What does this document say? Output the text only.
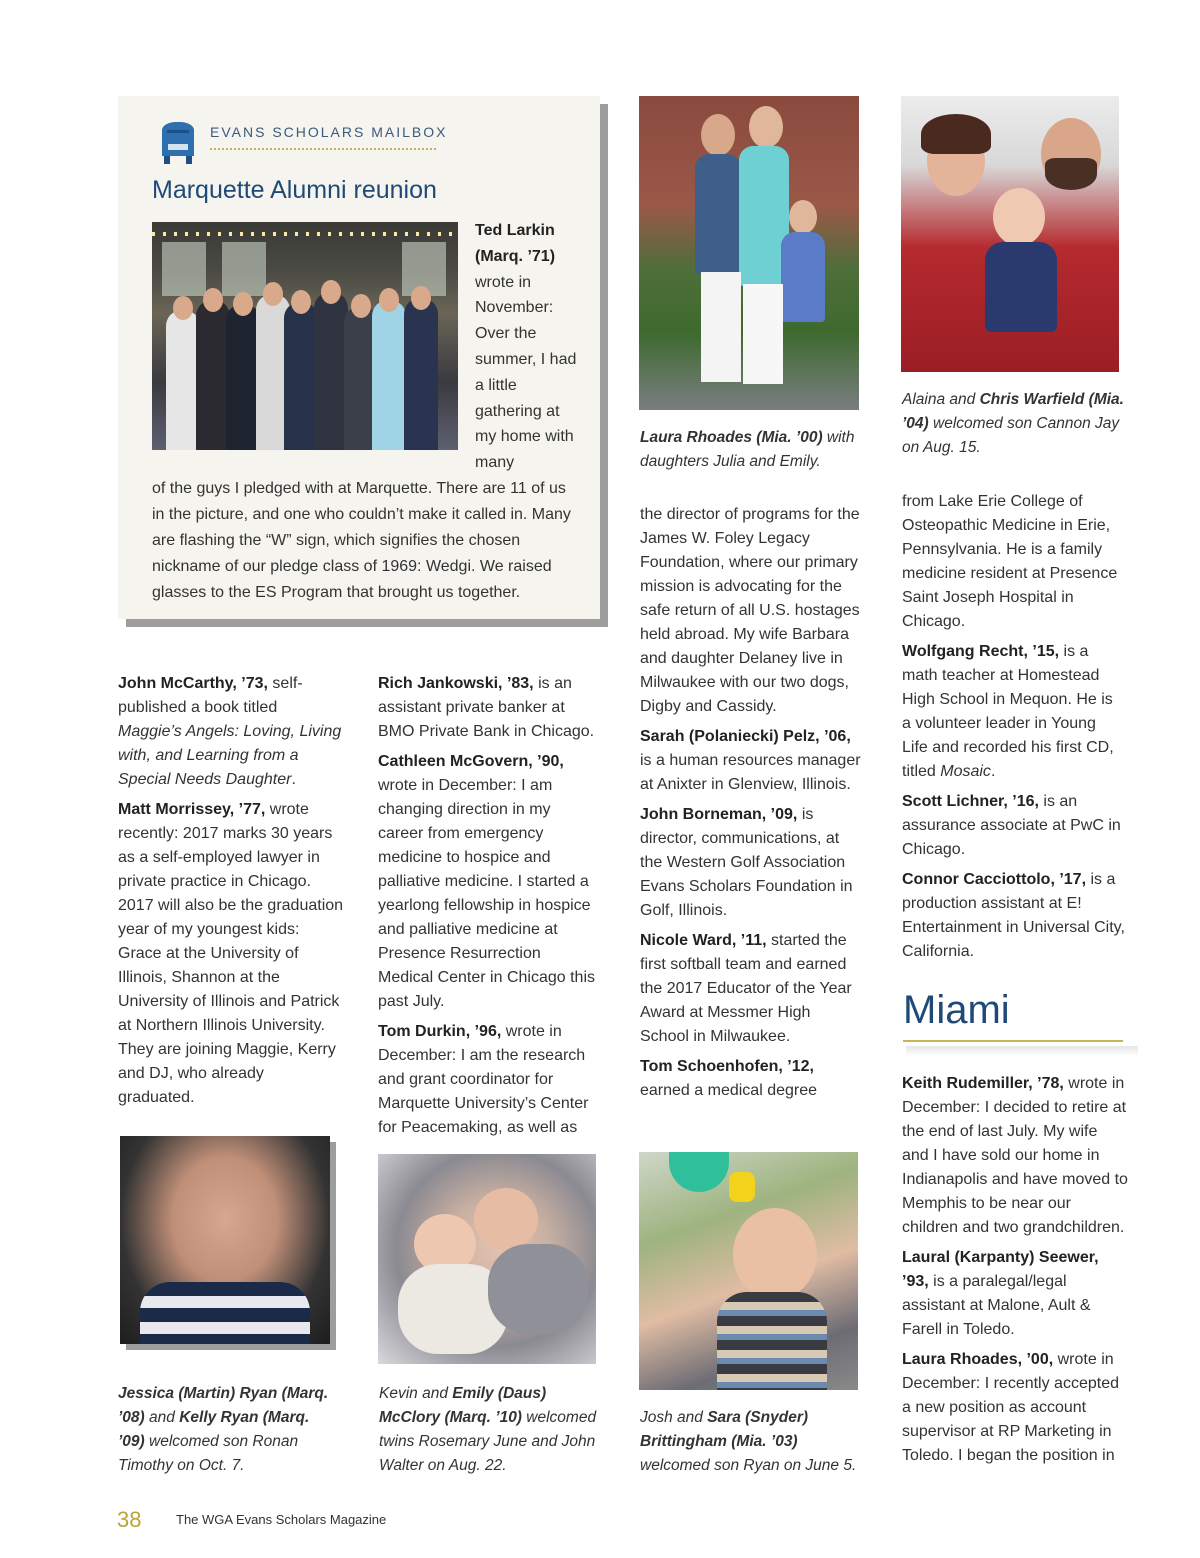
EVANS SCHOLARS MAILBOX
Marquette Alumni reunion
Ted Larkin (Marq. ’71) wrote in November: Over the summer, I had a little gathering at my home with many
of the guys I pledged with at Marquette. There are 11 of us in the picture, and one who couldn’t make it called in. Many are flashing the “W” sign, which signifies the chosen nickname of our pledge class of 1969: Wedgi. We raised glasses to the ES Program that brought us together.
Laura Rhoades (Mia. ’00) with daughters Julia and Emily.
Alaina and Chris Warfield (Mia. ’04) welcomed son Cannon Jay on Aug. 15.
Jessica (Martin) Ryan (Marq. ’08) and Kelly Ryan (Marq. ’09) welcomed son Ronan Timothy on Oct. 7.
Kevin and Emily (Daus) McClory (Marq. ’10) welcomed twins Rosemary June and John Walter on Aug. 22.
Josh and Sara (Snyder) Brittingham (Mia. ’03) welcomed son Ryan on June 5.

John McCarthy, ’73, self-published a book titled Maggie’s Angels: Loving, Living with, and Learning from a Special Needs Daughter.

Matt Morrissey, ’77, wrote recently: 2017 marks 30 years as a self-employed lawyer in private practice in Chicago. 2017 will also be the graduation year of my youngest kids: Grace at the University of Illinois, Shannon at the University of Illinois and Patrick at Northern Illinois University. They are joining Maggie, Kerry and DJ, who already graduated.

Rich Jankowski, ’83, is an assistant private banker at BMO Private Bank in Chicago.

Cathleen McGovern, ’90, wrote in December: I am changing direction in my career from emergency medicine to hospice and palliative medicine. I started a yearlong fellowship in hospice and palliative medicine at Presence Resurrection Medical Center in Chicago this past July.

Tom Durkin, ’96, wrote in December: I am the research and grant coordinator for Marquette University’s Center for Peacemaking, as well as

the director of programs for the James W. Foley Legacy Foundation, where our primary mission is advocating for the safe return of all U.S. hostages held abroad. My wife Barbara and daughter Delaney live in Milwaukee with our two dogs, Digby and Cassidy.

Sarah (Polaniecki) Pelz, ’06, is a human resources manager at Anixter in Glenview, Illinois.

John Borneman, ’09, is director, communications, at the Western Golf Association Evans Scholars Foundation in Golf, Illinois.

Nicole Ward, ’11, started the first softball team and earned the 2017 Educator of the Year Award at Messmer High School in Milwaukee.

Tom Schoenhofen, ’12, earned a medical degree

from Lake Erie College of Osteopathic Medicine in Erie, Pennsylvania. He is a family medicine resident at Presence Saint Joseph Hospital in Chicago.

Wolfgang Recht, ’15, is a math teacher at Homestead High School in Mequon. He is a volunteer leader in Young Life and recorded his first CD, titled Mosaic.

Scott Lichner, ’16, is an assurance associate at PwC in Chicago.

Connor Cacciottolo, ’17, is a production assistant at E! Entertainment in Universal City, California.

Miami

Keith Rudemiller, ’78, wrote in December: I decided to retire at the end of last July. My wife and I have sold our home in Indianapolis and have moved to Memphis to be near our children and two grandchildren.

Laural (Karpanty) Seewer, ’93, is a paralegal/legal assistant at Malone, Ault & Farell in Toledo.

Laura Rhoades, ’00, wrote in December: I recently accepted a new position as account supervisor at RP Marketing in Toledo. I began the position in

38	The WGA Evans Scholars Magazine
